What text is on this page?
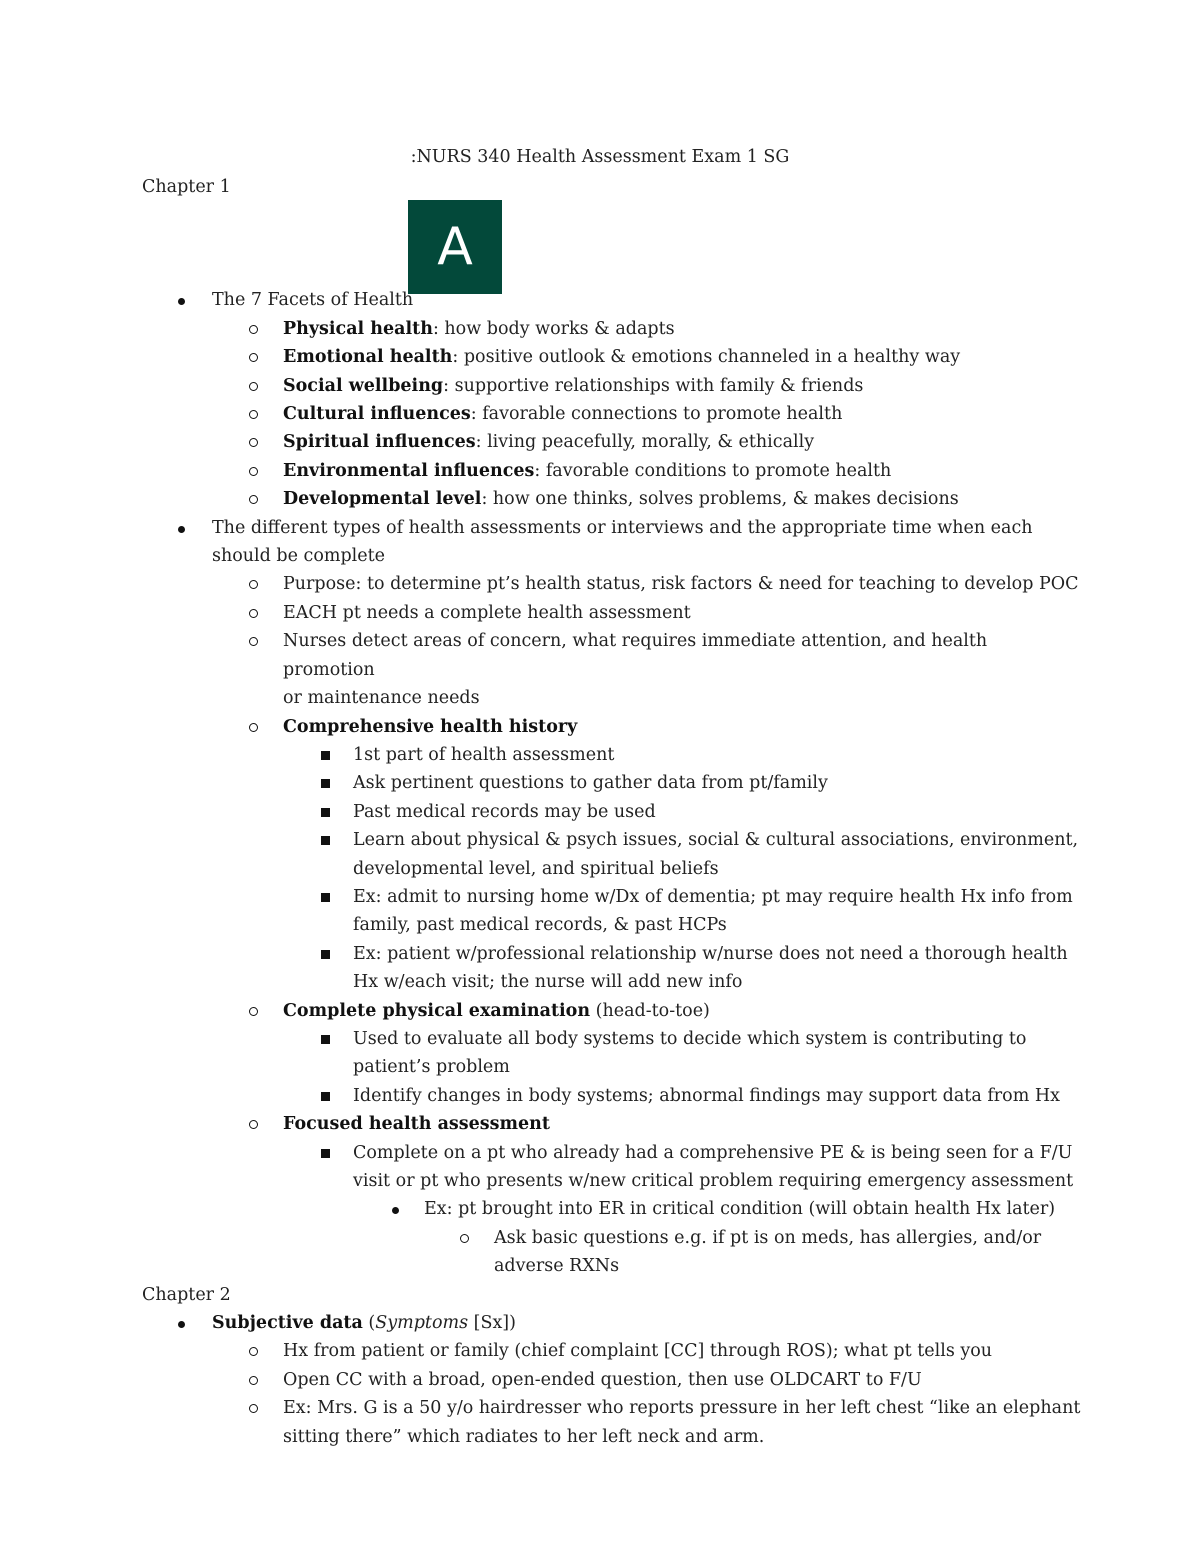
:NURS 340 Health Assessment Exam 1 SG
A

Chapter 1

The 7 Facets of Health
Physical health: how body works & adapts
Emotional health: positive outlook & emotions channeled in a healthy way
Social wellbeing: supportive relationships with family & friends
Cultural influences: favorable connections to promote health
Spiritual influences: living peacefully, morally, & ethically
Environmental influences: favorable conditions to promote health
Developmental level: how one thinks, solves problems, & makes decisions
The different types of health assessments or interviews and the appropriate time when each
should be complete
Purpose: to determine pt’s health status, risk factors & need for teaching to develop POC
EACH pt needs a complete health assessment
Nurses detect areas of concern, what requires immediate attention, and health promotion
or maintenance needs
Comprehensive health history
1st part of health assessment
Ask pertinent questions to gather data from pt/family
Past medical records may be used
Learn about physical & psych issues, social & cultural associations, environment, developmental level, and spiritual beliefs
Ex: admit to nursing home w/Dx of dementia; pt may require health Hx info from family, past medical records, & past HCPs
Ex: patient w/professional relationship w/nurse does not need a thorough health Hx w/each visit; the nurse will add new info
Complete physical examination (head-to-toe)
Used to evaluate all body systems to decide which system is contributing to patient’s problem
Identify changes in body systems; abnormal findings may support data from Hx
Focused health assessment
Complete on a pt who already had a comprehensive PE & is being seen for a F/U visit or pt who presents w/new critical problem requiring emergency assessment
Ex: pt brought into ER in critical condition (will obtain health Hx later)
Ask basic questions e.g. if pt is on meds, has allergies, and/or adverse RXNs

Chapter 2

Subjective data (Symptoms [Sx])
Hx from patient or family (chief complaint [CC] through ROS); what pt tells you
Open CC with a broad, open-ended question, then use OLDCART to F/U
Ex: Mrs. G is a 50 y/o hairdresser who reports pressure in her left chest “like an elephant sitting there” which radiates to her left neck and arm.
